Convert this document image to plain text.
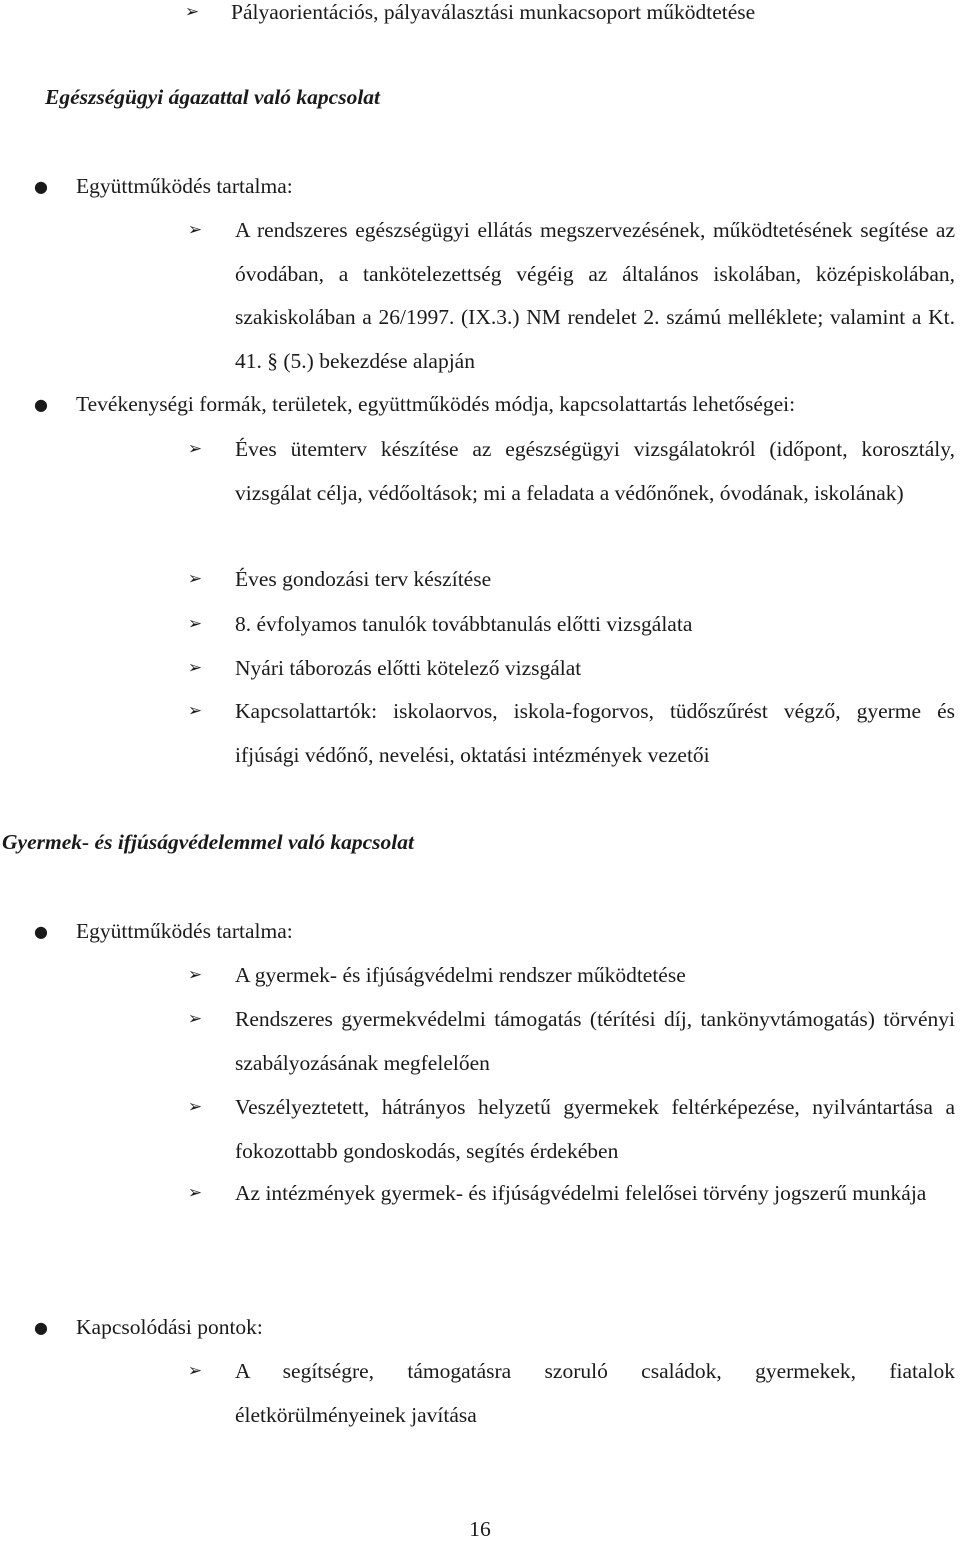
➢ Pályaorientációs, pályaválasztási munkacsoport működtetése
Egészségügyi ágazattal való kapcsolat
● Együttműködés tartalma:
➢ A rendszeres egészségügyi ellátás megszervezésének, működtetésének segítése az óvodában, a tankötelezettség végéig az általános iskolában, középiskolában, szakiskolában a 26/1997. (IX.3.) NM rendelet 2. számú melléklete; valamint a Kt. 41. § (5.) bekezdése alapján
● Tevékenységi formák, területek, együttműködés módja, kapcsolattartás lehetőségei:
➢ Éves ütemterv készítése az egészségügyi vizsgálatokról (időpont, korosztály, vizsgálat célja, védőoltások; mi a feladata a védőnőnek, óvodának, iskolának)
➢ Éves gondozási terv készítése
➢ 8. évfolyamos tanulók továbbtanulás előtti vizsgálata
➢ Nyári táborozás előtti kötelező vizsgálat
➢ Kapcsolattartók: iskolaorvos, iskola-fogorvos, tüdőszűrést végző, gyerme és ifjúsági védőnő, nevelési, oktatási intézmények vezetői
Gyermek- és ifjúságvédelemmel való kapcsolat
● Együttműködés tartalma:
➢ A gyermek- és ifjúságvédelmi rendszer működtetése
➢ Rendszeres gyermekvédelmi támogatás (térítési díj, tankönyvtámogatás) törvényi szabályozásának megfelelően
➢ Veszélyeztetett, hátrányos helyzetű gyermekek feltérképezése, nyilvántartása a fokozottabb gondoskodás, segítés érdekében
➢ Az intézmények gyermek- és ifjúságvédelmi felelősei törvény jogszerű munkája
● Kapcsolódási pontok:
➢ A segítségre, támogatásra szoruló családok, gyermekek, fiatalok életkörülményeinek javítása
16
